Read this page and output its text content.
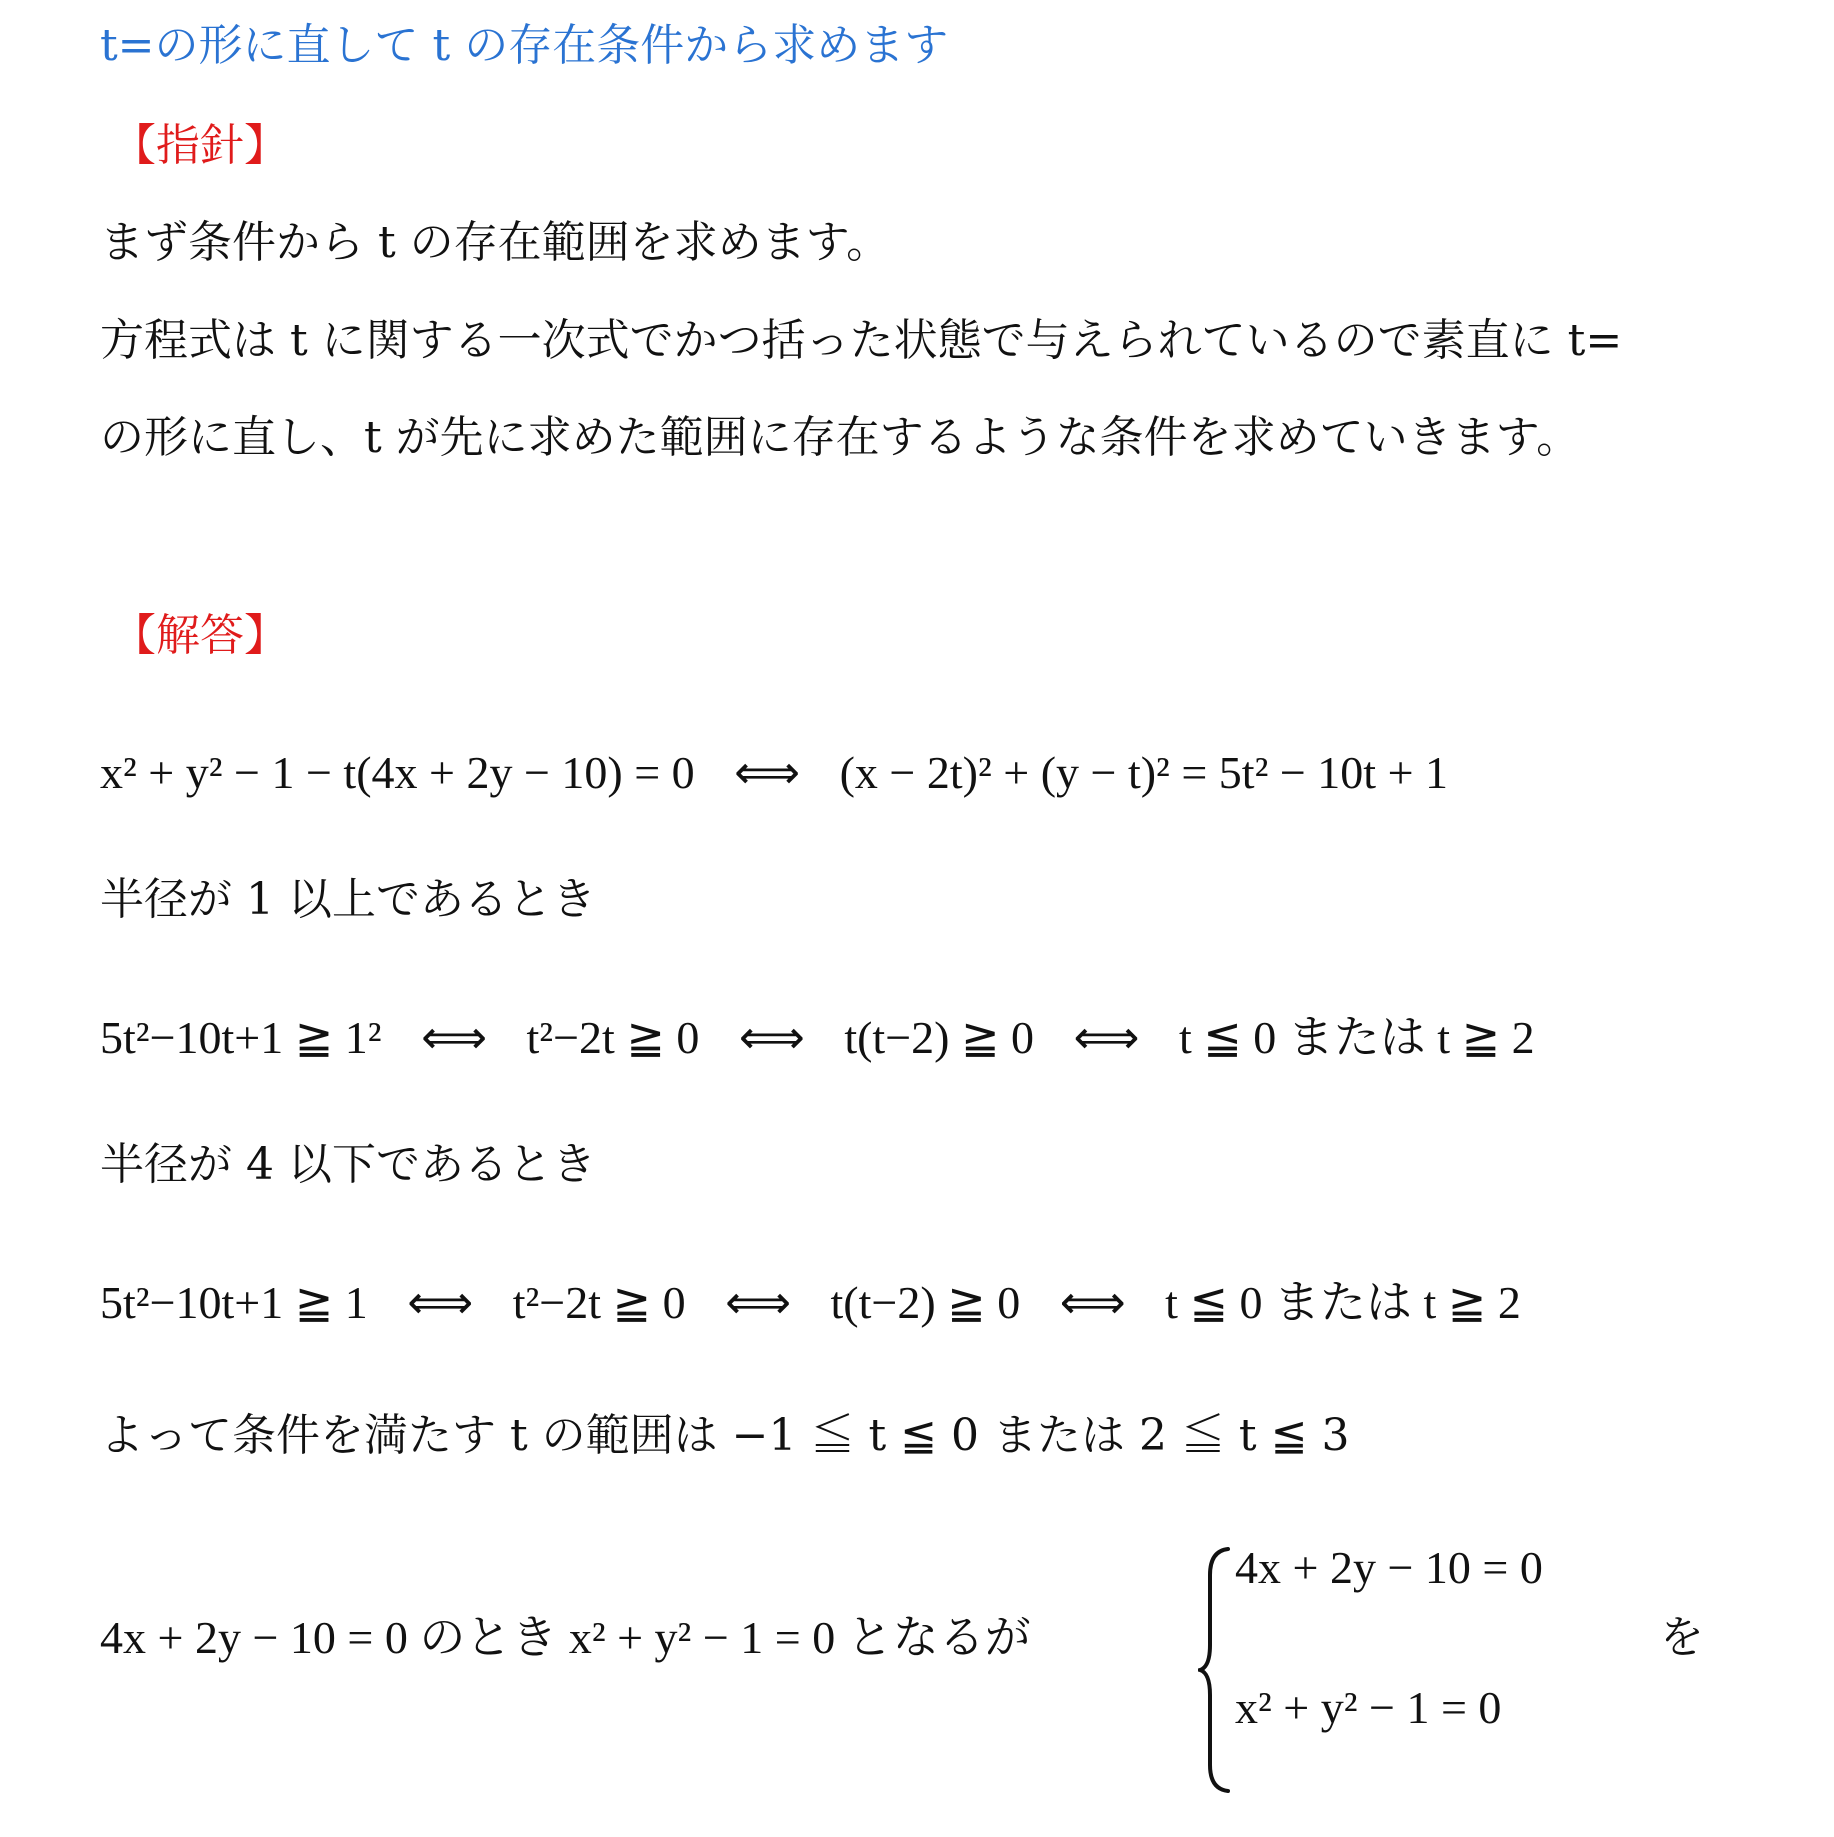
t=の形に直して t の存在条件から求めます
【指針】
まず条件から t の存在範囲を求めます。
方程式は t に関する一次式でかつ括った状態で与えられているので素直に t=
の形に直し、t が先に求めた範囲に存在するような条件を求めていきます。
【解答】
x² + y² − 1 − t(4x + 2y − 10) = 0 ⟺ (x − 2t)² + (y − t)² = 5t² − 10t + 1
半径が 1 以上であるとき
5t²−10t+1 ≧ 1² ⟺ t²−2t ≧ 0 ⟺ t(t−2) ≧ 0 ⟺ t ≦ 0 または t ≧ 2
半径が 4 以下であるとき
5t²−10t+1 ≧ 1 ⟺ t²−2t ≧ 0 ⟺ t(t−2) ≧ 0 ⟺ t ≦ 0 または t ≧ 2
よって条件を満たす t の範囲は −1 ≦ t ≦ 0 または 2 ≦ t ≦ 3
4x + 2y − 10 = 0 のとき x² + y² − 1 = 0 となるが
4x + 2y − 10 = 0
x² + y² − 1 = 0
を
